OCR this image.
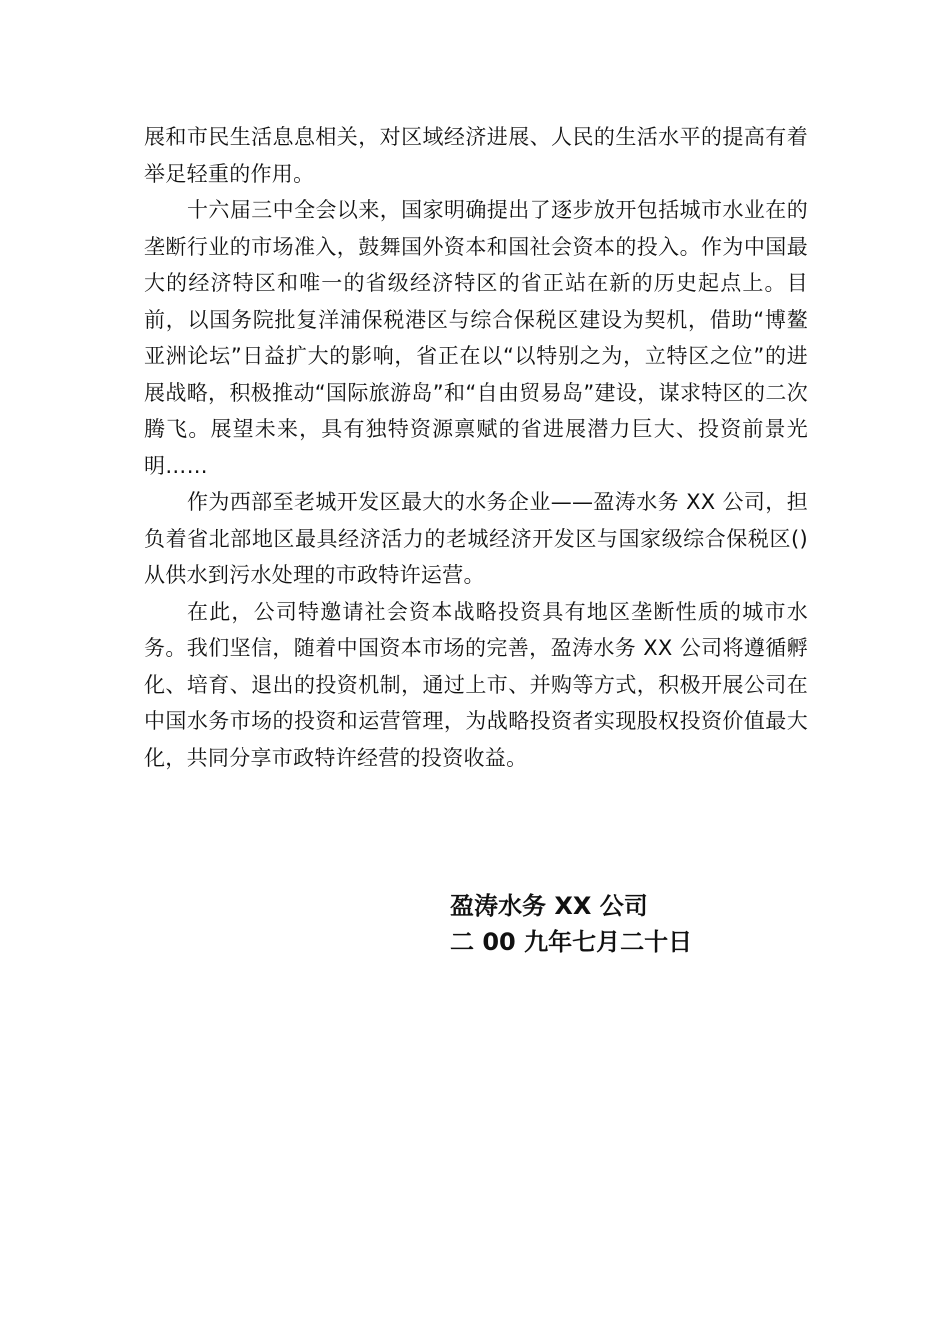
展和市民生活息息相关，对区域经济进展、人民的生活水平的提高有着举足轻重的作用。

十六届三中全会以来，国家明确提出了逐步放开包括城市水业在的垄断行业的市场准入，鼓舞国外资本和国社会资本的投入。作为中国最大的经济特区和唯一的省级经济特区的省正站在新的历史起点上。目前，以国务院批复洋浦保税港区与综合保税区建设为契机，借助“博鳌亚洲论坛”日益扩大的影响，省正在以“以特别之为，立特区之位”的进展战略，积极推动“国际旅游岛”和“自由贸易岛”建设，谋求特区的二次腾飞。展望未来，具有独特资源禀赋的省进展潜力巨大、投资前景光明……

作为西部至老城开发区最大的水务企业——盈涛水务 XX 公司，担负着省北部地区最具经济活力的老城经济开发区与国家级综合保税区()从供水到污水处理的市政特许运营。

在此，公司特邀请社会资本战略投资具有地区垄断性质的城市水务。我们坚信，随着中国资本市场的完善，盈涛水务 XX 公司将遵循孵化、培育、退出的投资机制，通过上市、并购等方式，积极开展公司在中国水务市场的投资和运营管理，为战略投资者实现股权投资价值最大化，共同分享市政特许经营的投资收益。

盈涛水务 XX 公司

二 00 九年七月二十日
